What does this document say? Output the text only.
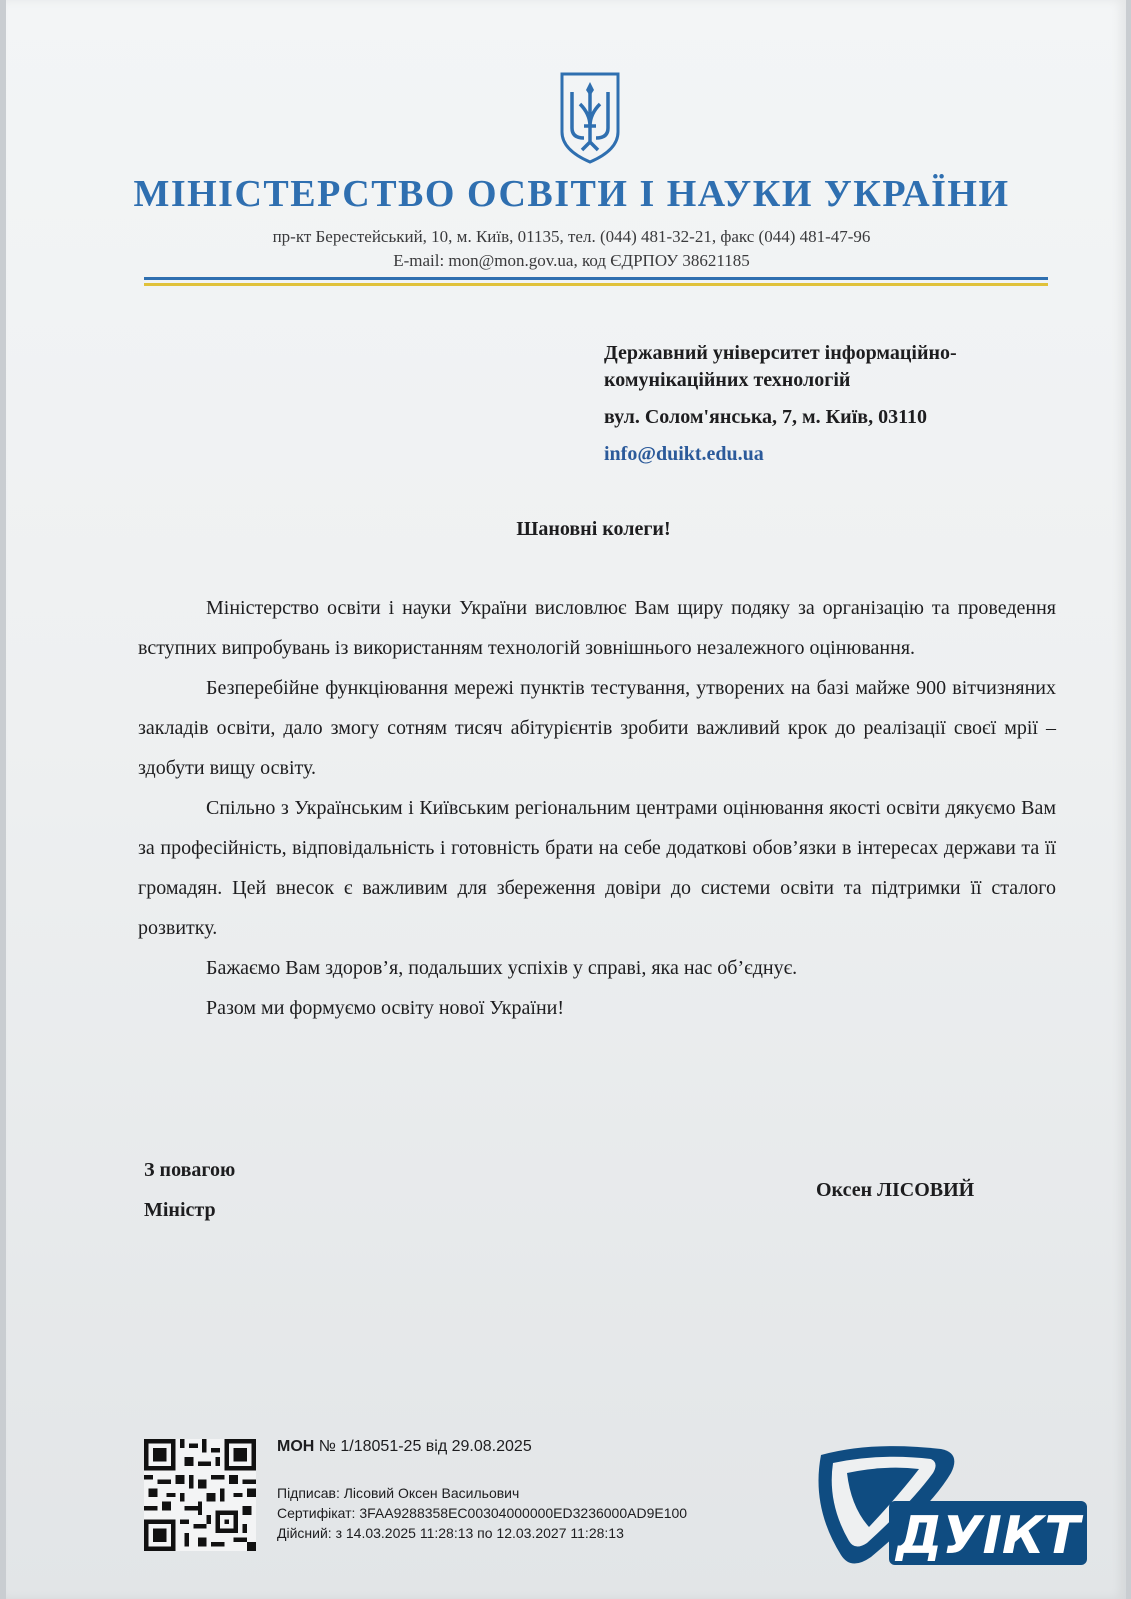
МІНІСТЕРСТВО ОСВІТИ І НАУКИ УКРАЇНИ
пр-кт Берестейський, 10, м. Київ, 01135, тел. (044) 481-32-21, факс (044) 481-47-96
E-mail: mon@mon.gov.ua, код ЄДРПОУ 38621185
Державний університет інформаційно-
комунікаційних технологій
вул. Солом'янська, 7, м. Київ, 03110
info@duikt.edu.ua
Шановні колеги!

Міністерство освіти і науки України висловлює Вам щиру подяку за організацію та проведення вступних випробувань із використанням технологій зовнішнього незалежного оцінювання.

Безперебійне функціювання мережі пунктів тестування, утворених на базі майже 900 вітчизняних закладів освіти, дало змогу сотням тисяч абітурієнтів зробити важливий крок до реалізації своєї мрії – здобути вищу освіту.

Спільно з Українським і Київським регіональним центрами оцінювання якості освіти дякуємо Вам за професійність, відповідальність і готовність брати на себе додаткові обов’язки в інтересах держави та її громадян. Цей внесок є важливим для збереження довіри до системи освіти та підтримки її сталого розвитку.

Бажаємо Вам здоров’я, подальших успіхів у справі, яка нас об’єднує.

Разом ми формуємо освіту нової України!

З повагою
Міністр
Оксен ЛІСОВИЙ
МОН № 1/18051-25 від 29.08.2025
Підписав: Лісовий Оксен Васильович
Сертифікат: 3FAA9288358EC00304000000ED3236000AD9E100
Дійсний: з 14.03.2025 11:28:13 по 12.03.2027 11:28:13	ДУІКТ
